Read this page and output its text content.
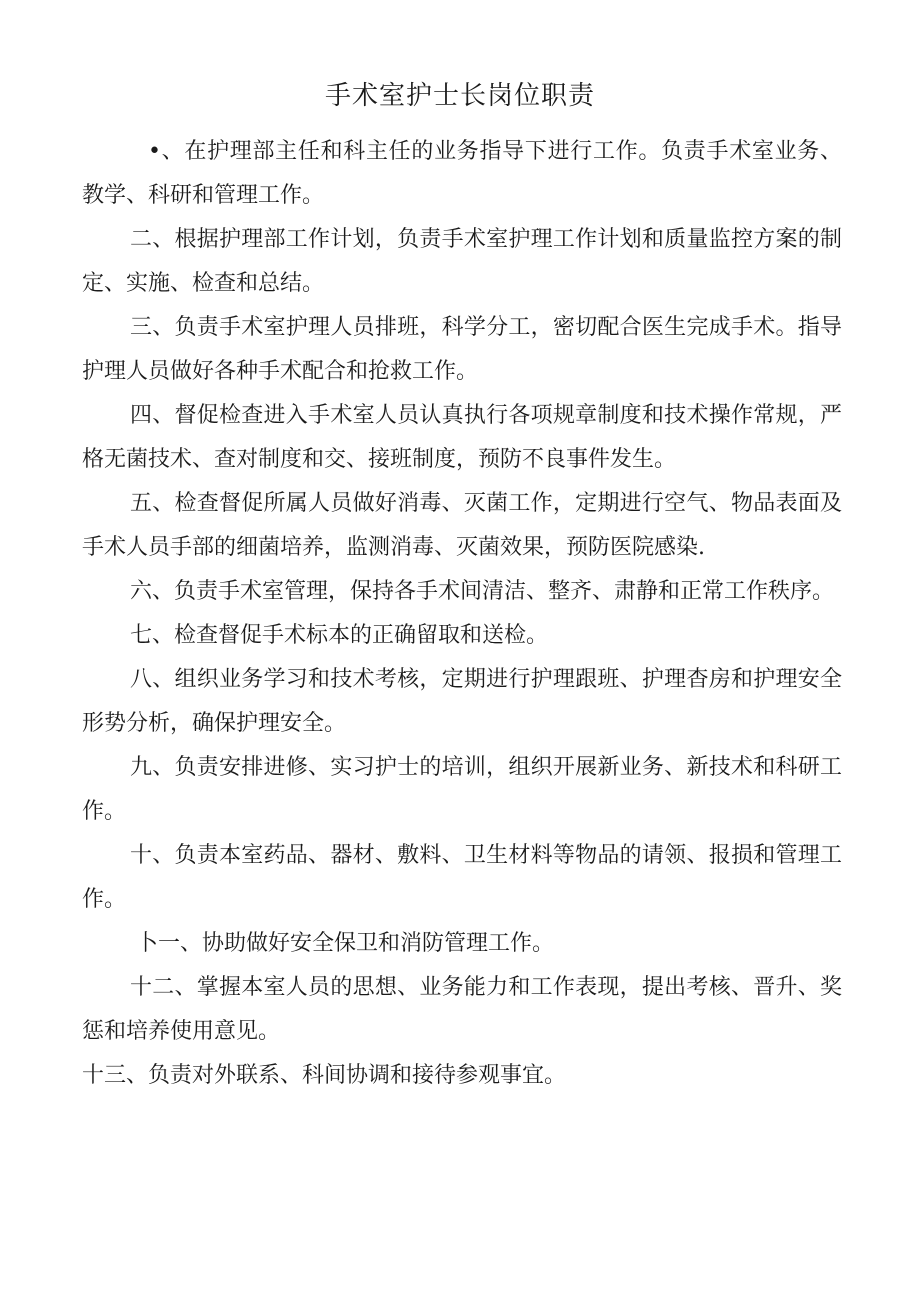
手术室护士长岗位职责

•、在护理部主任和科主任的业务指导下进行工作。负责手术室业务、教学、科研和管理工作。

二、根据护理部工作计划，负责手术室护理工作计划和质量监控方案的制定、实施、检查和总结。

三、负责手术室护理人员排班，科学分工，密切配合医生完成手术。指导护理人员做好各种手术配合和抢救工作。

四、督促检查进入手术室人员认真执行各项规章制度和技术操作常规，严格无菌技术、查对制度和交、接班制度，预防不良事件发生。

五、检查督促所属人员做好消毒、灭菌工作，定期进行空气、物品表面及手术人员手部的细菌培养，监测消毒、灭菌效果，预防医院感染.

六、负责手术室管理，保持各手术间清洁、整齐、肃静和正常工作秩序。

七、检查督促手术标本的正确留取和送检。

八、组织业务学习和技术考核，定期进行护理跟班、护理杳房和护理安全形势分析，确保护理安全。

九、负责安排进修、实习护士的培训，组织开展新业务、新技术和科研工作。

十、负责本室药品、器材、敷料、卫生材料等物品的请领、报损和管理工作。

卜一、协助做好安全保卫和消防管理工作。

十二、掌握本室人员的思想、业务能力和工作表现，提出考核、晋升、奖惩和培养使用意见。

十三、负责对外联系、科间协调和接待参观事宜。
